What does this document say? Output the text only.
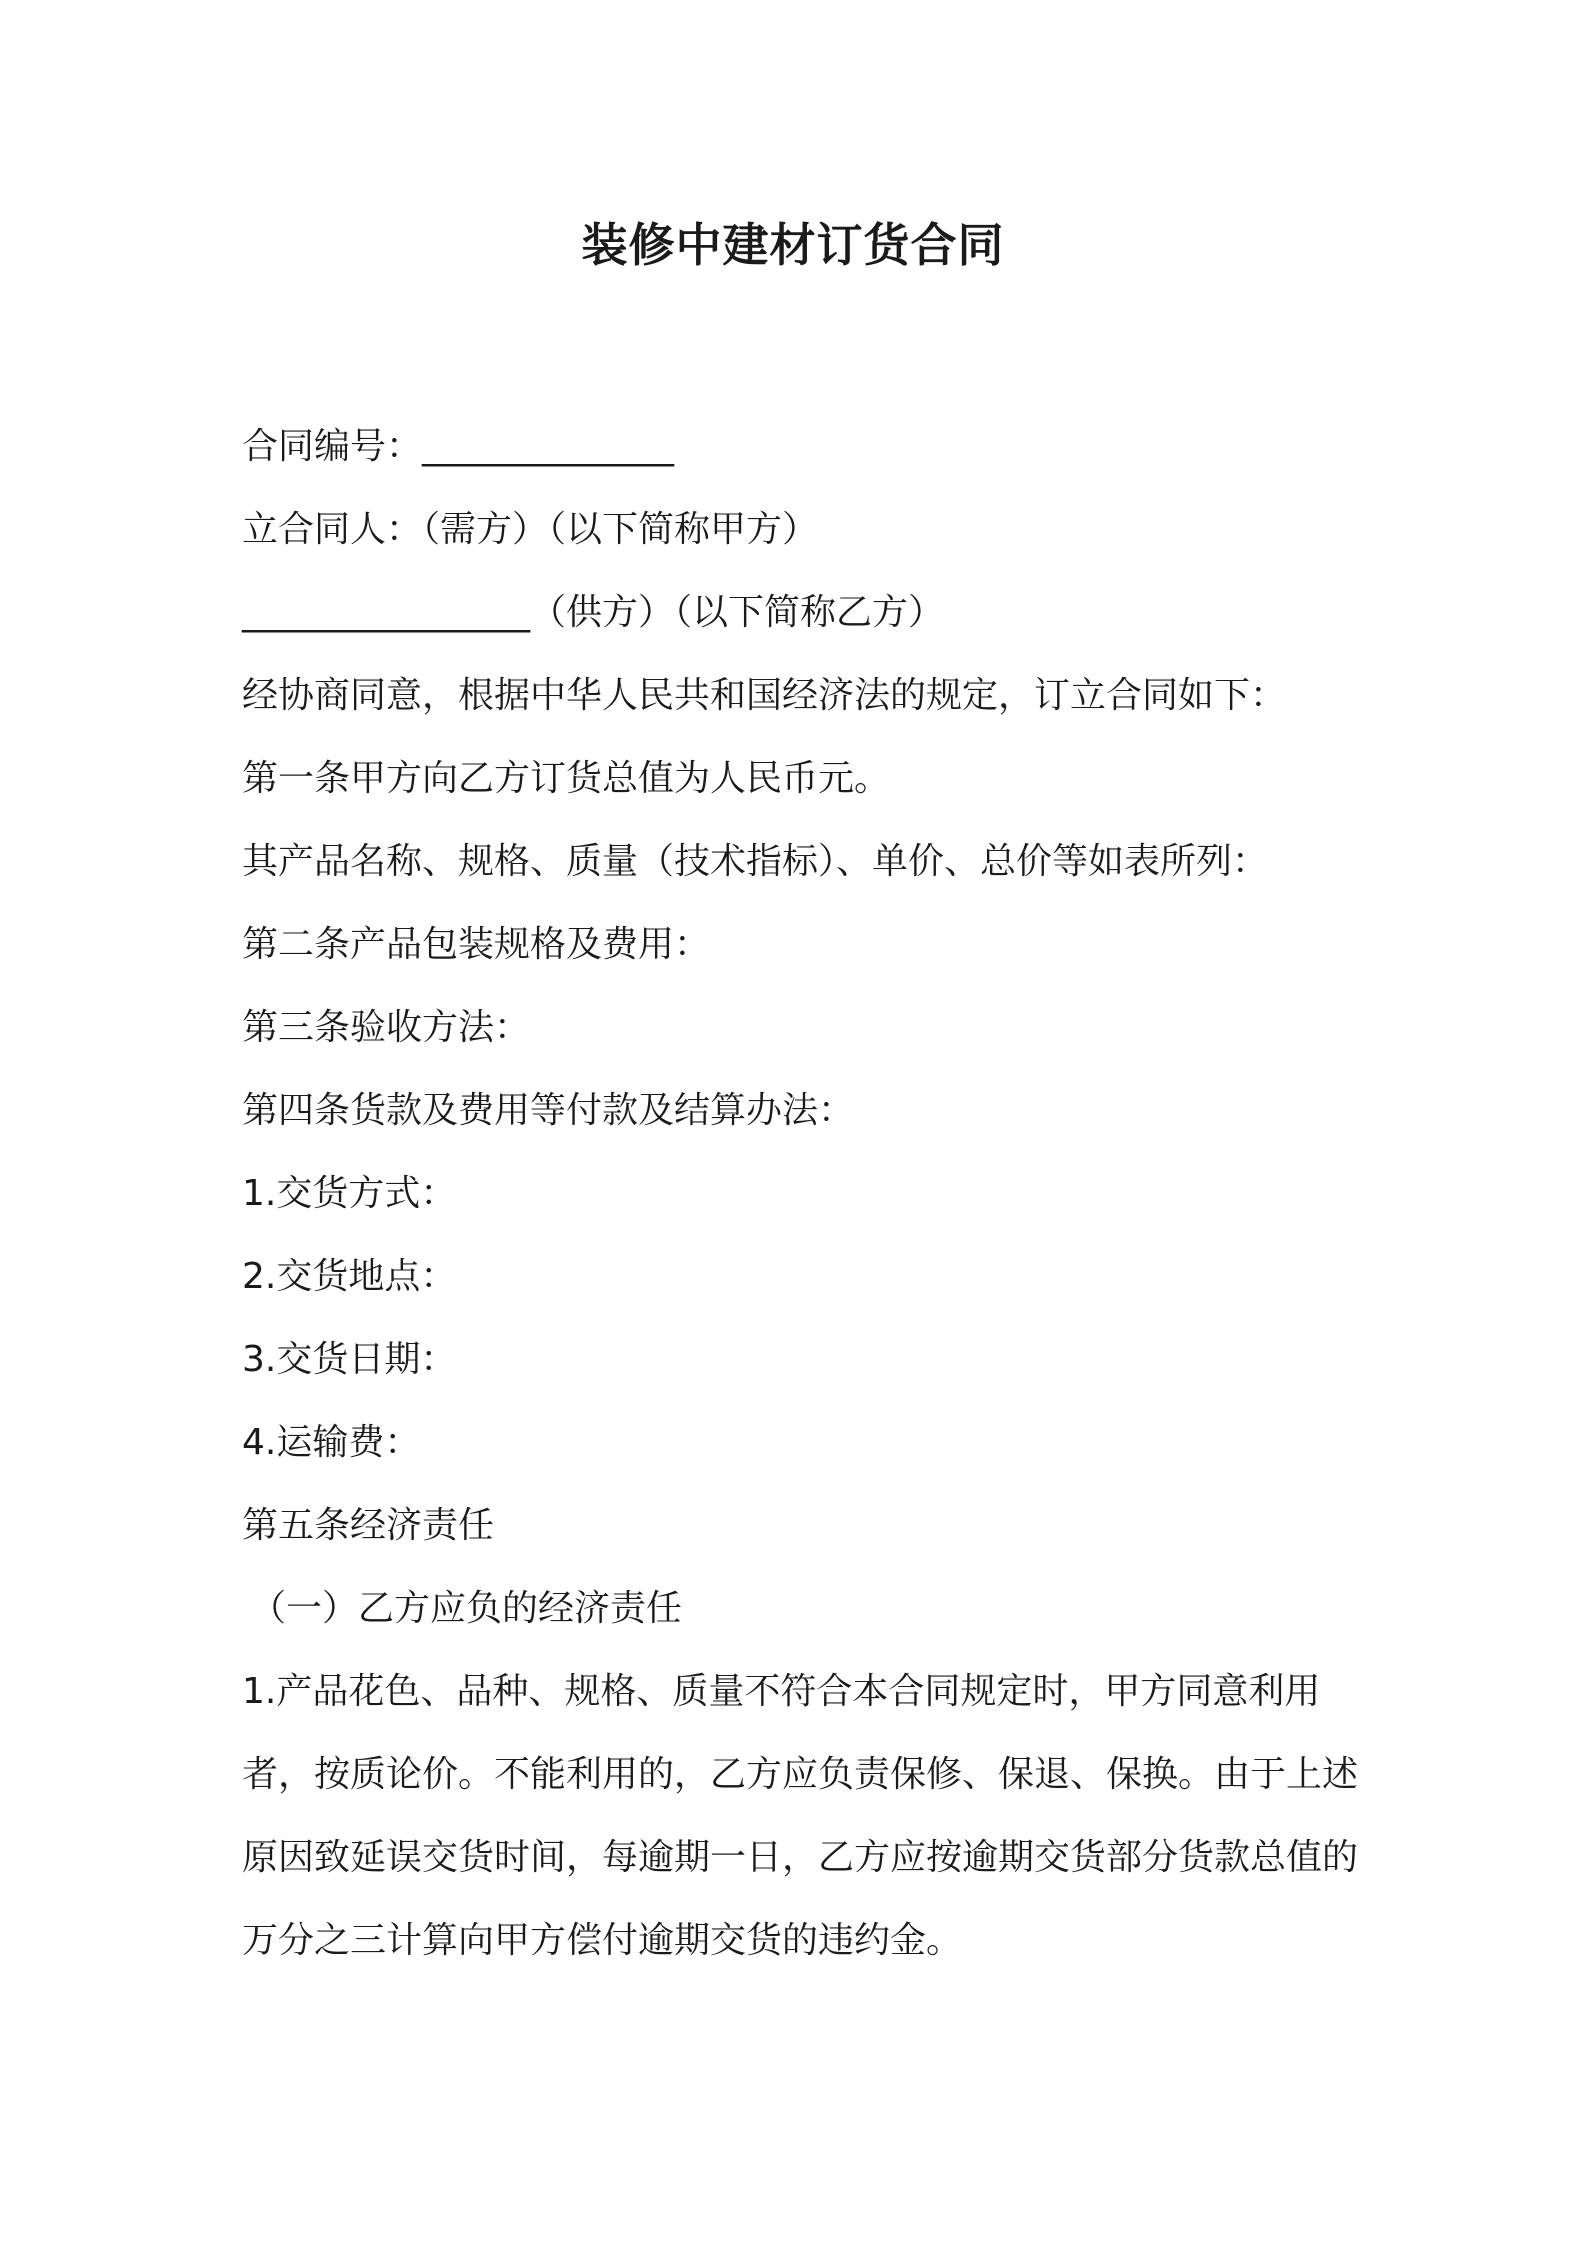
装修中建材订货合同
合同编号：______________
立合同人：（需方）（以下简称甲方）
________________（供方）（以下简称乙方）
经协商同意，根据中华人民共和国经济法的规定，订立合同如下：
第一条甲方向乙方订货总值为人民币元。
其产品名称、规格、质量（技术指标）、单价、总价等如表所列：
第二条产品包装规格及费用：
第三条验收方法：
第四条货款及费用等付款及结算办法：
1.交货方式：
2.交货地点：
3.交货日期：
4.运输费：
第五条经济责任
（一）乙方应负的经济责任
1.产品花色、品种、规格、质量不符合本合同规定时，甲方同意利用者，按质论价。不能利用的，乙方应负责保修、保退、保换。由于上述原因致延误交货时间，每逾期一日，乙方应按逾期交货部分货款总值的万分之三计算向甲方偿付逾期交货的违约金。
